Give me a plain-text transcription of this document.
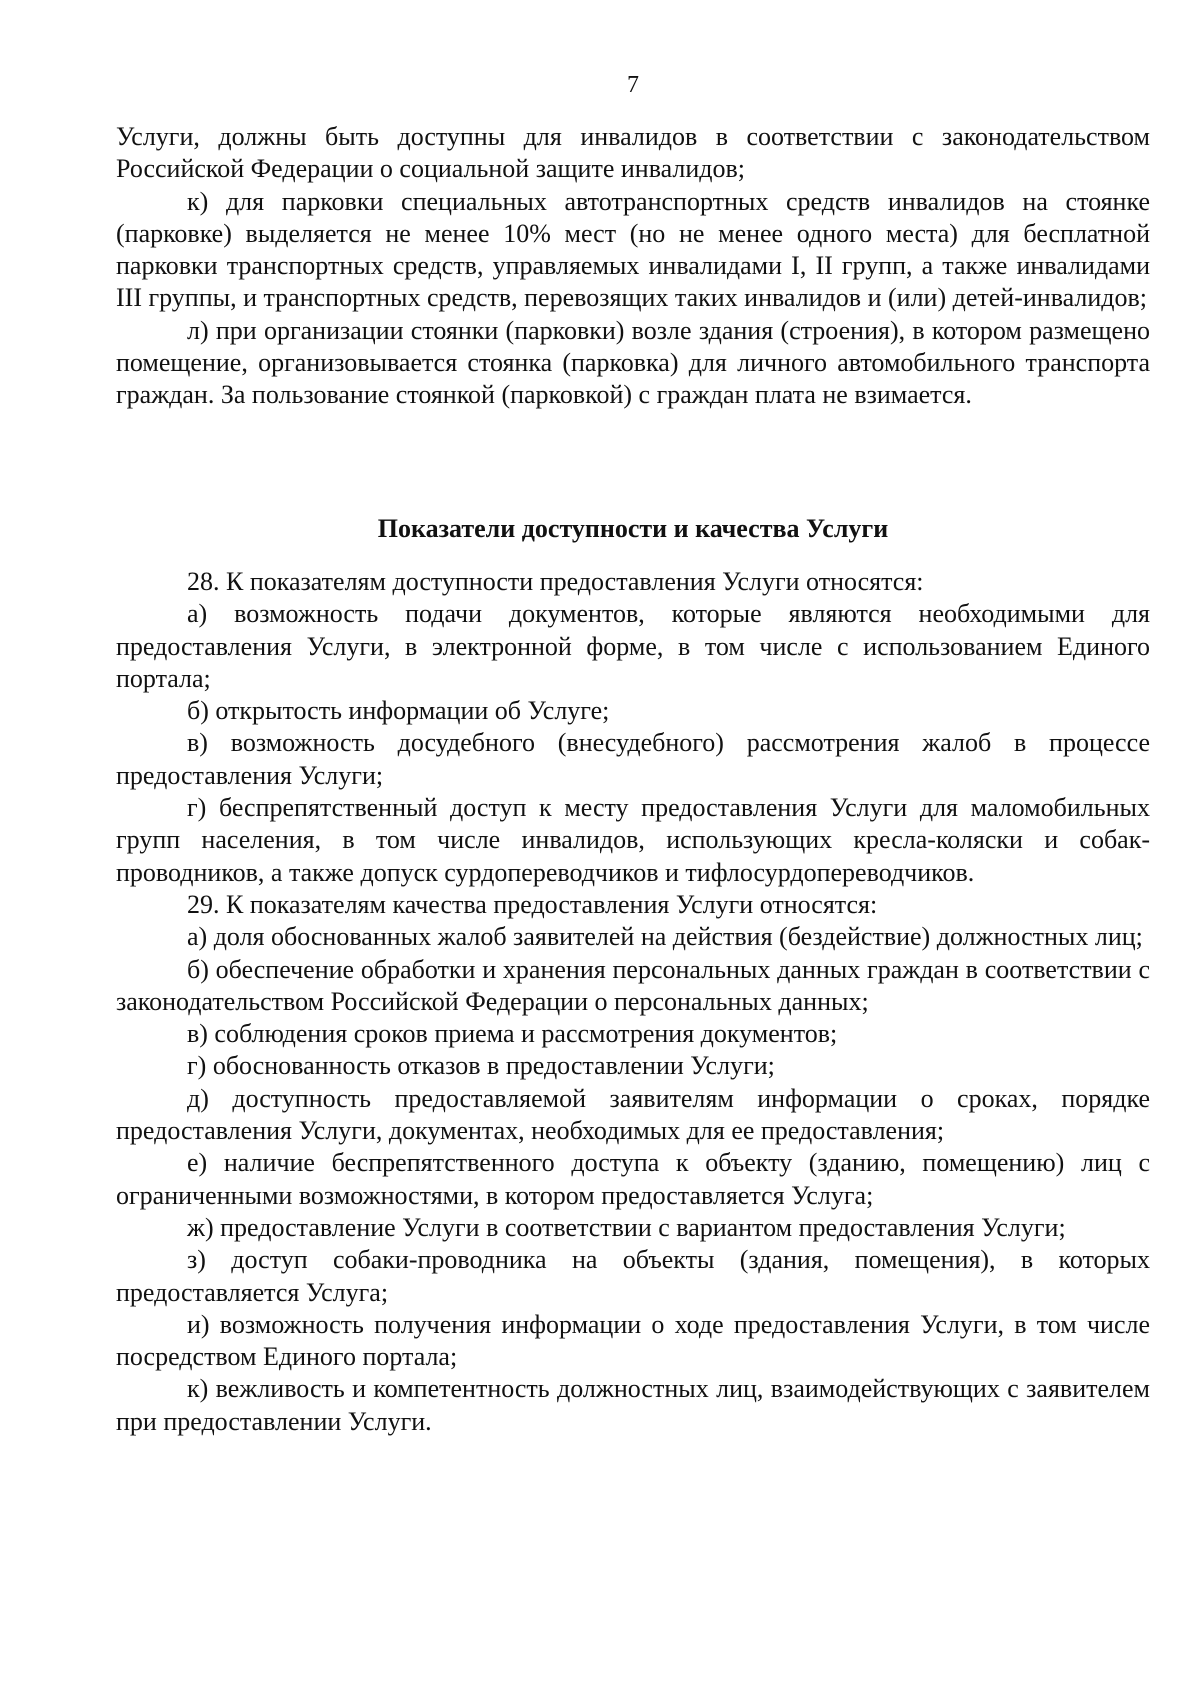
7

Услуги, должны быть доступны для инвалидов в соответствии с законодательством Российской Федерации о социальной защите инвалидов;

к) для парковки специальных автотранспортных средств инвалидов на стоянке (парковке) выделяется не менее 10% мест (но не менее одного места) для бесплатной парковки транспортных средств, управляемых инвалидами I, II групп, а также инвалидами III группы, и транспортных средств, перевозящих таких инвалидов и (или) детей-инвалидов;

л) при организации стоянки (парковки) возле здания (строения), в котором размещено помещение, организовывается стоянка (парковка) для личного автомобильного транспорта граждан. За пользование стоянкой (парковкой) с граждан плата не взимается.

Показатели доступности и качества Услуги

28. К показателям доступности предоставления Услуги относятся:

а) возможность подачи документов, которые являются необходимыми для предоставления Услуги, в электронной форме, в том числе с использованием Единого портала;

б) открытость информации об Услуге;

в) возможность досудебного (внесудебного) рассмотрения жалоб в процессе предоставления Услуги;

г) беспрепятственный доступ к месту предоставления Услуги для маломобильных групп населения, в том числе инвалидов, использующих кресла-коляски и собак-проводников, а также допуск сурдопереводчиков и тифлосурдопереводчиков.

29. К показателям качества предоставления Услуги относятся:

а) доля обоснованных жалоб заявителей на действия (бездействие) должностных лиц;

б) обеспечение обработки и хранения персональных данных граждан в соответствии с законодательством Российской Федерации о персональных данных;

в) соблюдения сроков приема и рассмотрения документов;

г) обоснованность отказов в предоставлении Услуги;

д) доступность предоставляемой заявителям информации о сроках, порядке предоставления Услуги, документах, необходимых для ее предоставления;

е) наличие беспрепятственного доступа к объекту (зданию, помещению) лиц с ограниченными возможностями, в котором предоставляется Услуга;

ж) предоставление Услуги в соответствии с вариантом предоставления Услуги;

з) доступ собаки-проводника на объекты (здания, помещения), в которых предоставляется Услуга;

и) возможность получения информации о ходе предоставления Услуги, в том числе посредством Единого портала;

к) вежливость и компетентность должностных лиц, взаимодействующих с заявителем при предоставлении Услуги.
